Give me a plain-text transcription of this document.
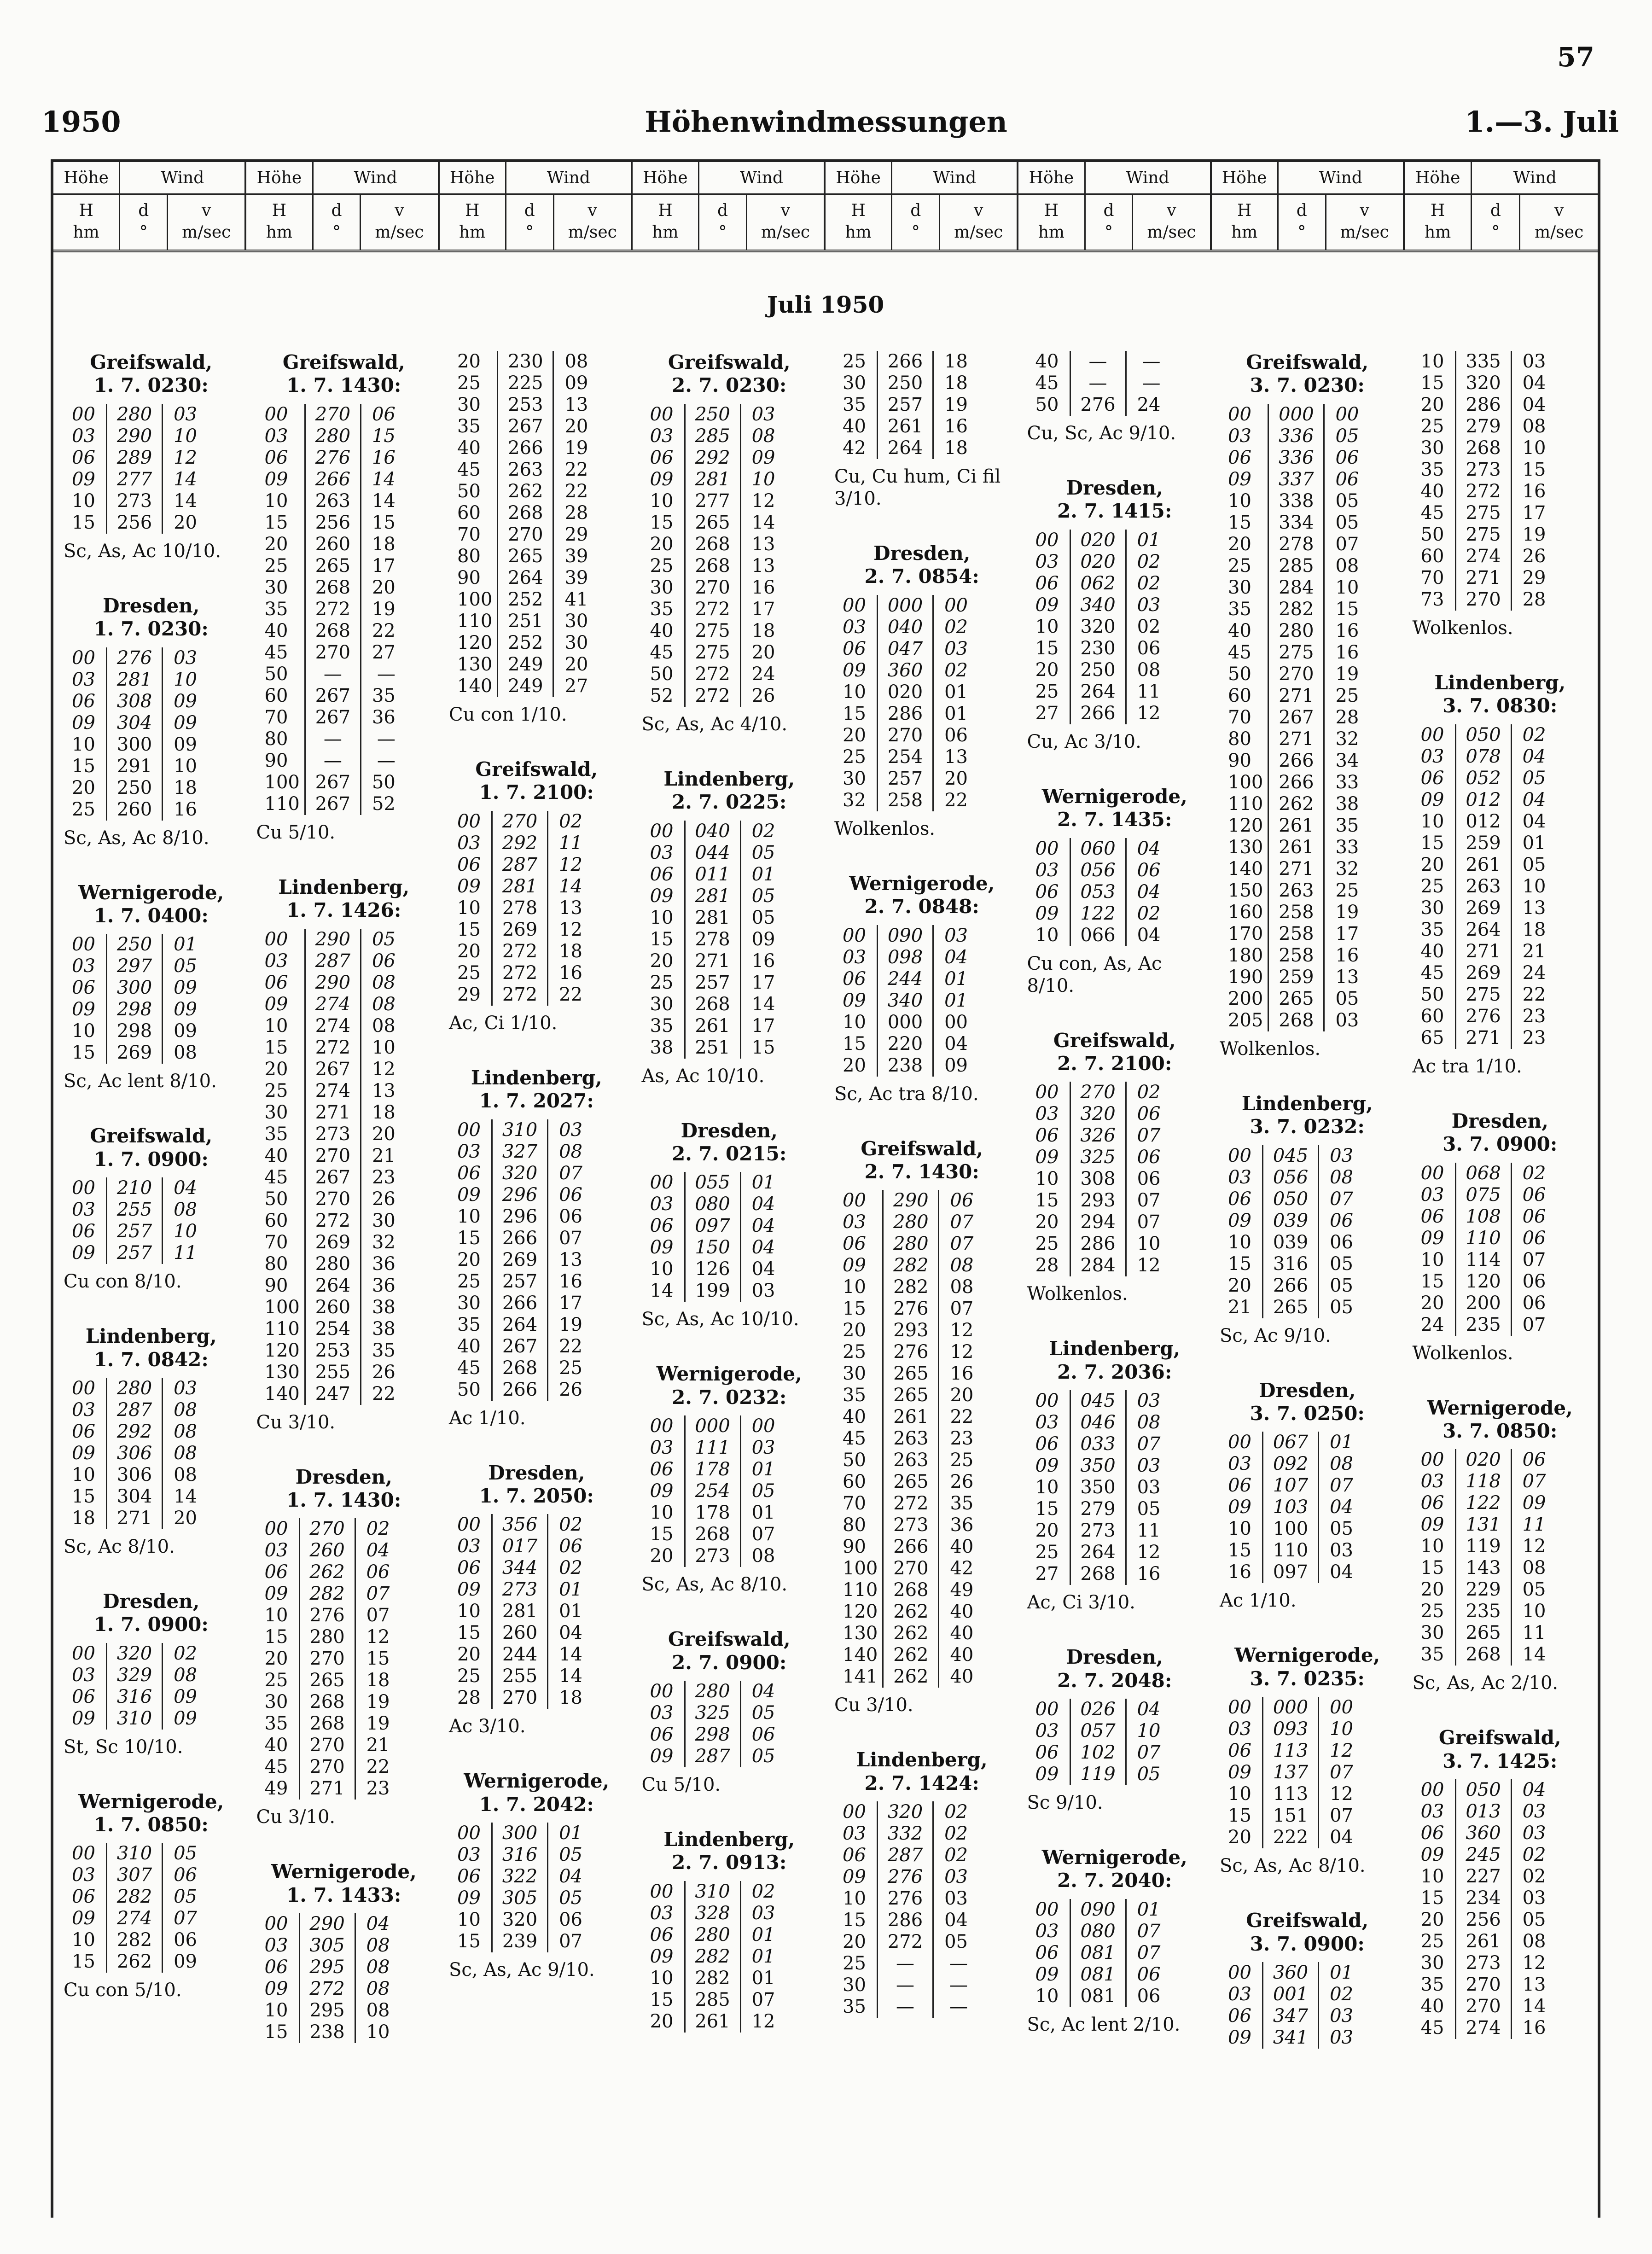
57
1950	Höhenwindmessungen	1.—3. Juli
Höhe	Wind
H
hm
d
°
v
m/sec
Höhe	Wind
H
hm
d
°
v
m/sec
Höhe	Wind
H
hm
d
°
v
m/sec
Höhe	Wind
H
hm
d
°
v
m/sec
Höhe	Wind
H
hm
d
°
v
m/sec
Höhe	Wind
H
hm
d
°
v
m/sec
Höhe	Wind
H
hm
d
°
v
m/sec
Höhe	Wind
H
hm
d
°
v
m/sec
Juli 1950
Greifswald,
1. 7. 0230:
00	280	03
03	290	10
06	289	12
09	277	14
10	273	14
15	256	20
Sc, As, Ac 10/10.
Dresden,
1. 7. 0230:
00	276	03
03	281	10
06	308	09
09	304	09
10	300	09
15	291	10
20	250	18
25	260	16
Sc, As, Ac 8/10.
Wernigerode,
1. 7. 0400:
00	250	01
03	297	05
06	300	09
09	298	09
10	298	09
15	269	08
Sc, Ac lent 8/10.
Greifswald,
1. 7. 0900:
00	210	04
03	255	08
06	257	10
09	257	11
Cu con 8/10.
Lindenberg,
1. 7. 0842:
00	280	03
03	287	08
06	292	08
09	306	08
10	306	08
15	304	14
18	271	20
Sc, Ac 8/10.
Dresden,
1. 7. 0900:
00	320	02
03	329	08
06	316	09
09	310	09
St, Sc 10/10.
Wernigerode,
1. 7. 0850:
00	310	05
03	307	06
06	282	05
09	274	07
10	282	06
15	262	09
Cu con 5/10.
Greifswald,
1. 7. 1430:
00	270	06
03	280	15
06	276	16
09	266	14
10	263	14
15	256	15
20	260	18
25	265	17
30	268	20
35	272	19
40	268	22
45	270	27
50	—	—
60	267	35
70	267	36
80	—	—
90	—	—
100	267	50
110	267	52
Cu 5/10.
Lindenberg,
1. 7. 1426:
00	290	05
03	287	06
06	290	08
09	274	08
10	274	08
15	272	10
20	267	12
25	274	13
30	271	18
35	273	20
40	270	21
45	267	23
50	270	26
60	272	30
70	269	32
80	280	36
90	264	36
100	260	38
110	254	38
120	253	35
130	255	26
140	247	22
Cu 3/10.
Dresden,
1. 7. 1430:
00	270	02
03	260	04
06	262	06
09	282	07
10	276	07
15	280	12
20	270	15
25	265	18
30	268	19
35	268	19
40	270	21
45	270	22
49	271	23
Cu 3/10.
Wernigerode,
1. 7. 1433:
00	290	04
03	305	08
06	295	08
09	272	08
10	295	08
15	238	10
20	230	08
25	225	09
30	253	13
35	267	20
40	266	19
45	263	22
50	262	22
60	268	28
70	270	29
80	265	39
90	264	39
100	252	41
110	251	30
120	252	30
130	249	20
140	249	27
Cu con 1/10.
Greifswald,
1. 7. 2100:
00	270	02
03	292	11
06	287	12
09	281	14
10	278	13
15	269	12
20	272	18
25	272	16
29	272	22
Ac, Ci 1/10.
Lindenberg,
1. 7. 2027:
00	310	03
03	327	08
06	320	07
09	296	06
10	296	06
15	266	07
20	269	13
25	257	16
30	266	17
35	264	19
40	267	22
45	268	25
50	266	26
Ac 1/10.
Dresden,
1. 7. 2050:
00	356	02
03	017	06
06	344	02
09	273	01
10	281	01
15	260	04
20	244	14
25	255	14
28	270	18
Ac 3/10.
Wernigerode,
1. 7. 2042:
00	300	01
03	316	05
06	322	04
09	305	05
10	320	06
15	239	07
Sc, As, Ac 9/10.
Greifswald,
2. 7. 0230:
00	250	03
03	285	08
06	292	09
09	281	10
10	277	12
15	265	14
20	268	13
25	268	13
30	270	16
35	272	17
40	275	18
45	275	20
50	272	24
52	272	26
Sc, As, Ac 4/10.
Lindenberg,
2. 7. 0225:
00	040	02
03	044	05
06	011	01
09	281	05
10	281	05
15	278	09
20	271	16
25	257	17
30	268	14
35	261	17
38	251	15
As, Ac 10/10.
Dresden,
2. 7. 0215:
00	055	01
03	080	04
06	097	04
09	150	04
10	126	04
14	199	03
Sc, As, Ac 10/10.
Wernigerode,
2. 7. 0232:
00	000	00
03	111	03
06	178	01
09	254	05
10	178	01
15	268	07
20	273	08
Sc, As, Ac 8/10.
Greifswald,
2. 7. 0900:
00	280	04
03	325	05
06	298	06
09	287	05
Cu 5/10.
Lindenberg,
2. 7. 0913:
00	310	02
03	328	03
06	280	01
09	282	01
10	282	01
15	285	07
20	261	12
25	266	18
30	250	18
35	257	19
40	261	16
42	264	18
Cu, Cu hum, Ci fil 3/10.
Dresden,
2. 7. 0854:
00	000	00
03	040	02
06	047	03
09	360	02
10	020	01
15	286	01
20	270	06
25	254	13
30	257	20
32	258	22
Wolkenlos.
Wernigerode,
2. 7. 0848:
00	090	03
03	098	04
06	244	01
09	340	01
10	000	00
15	220	04
20	238	09
Sc, Ac tra 8/10.
Greifswald,
2. 7. 1430:
00	290	06
03	280	07
06	280	07
09	282	08
10	282	08
15	276	07
20	293	12
25	276	12
30	265	16
35	265	20
40	261	22
45	263	23
50	263	25
60	265	26
70	272	35
80	273	36
90	266	40
100	270	42
110	268	49
120	262	40
130	262	40
140	262	40
141	262	40
Cu 3/10.
Lindenberg,
2. 7. 1424:
00	320	02
03	332	02
06	287	02
09	276	03
10	276	03
15	286	04
20	272	05
25	—	—
30	—	—
35	—	—
40	—	—
45	—	—
50	276	24
Cu, Sc, Ac 9/10.
Dresden,
2. 7. 1415:
00	020	01
03	020	02
06	062	02
09	340	03
10	320	02
15	230	06
20	250	08
25	264	11
27	266	12
Cu, Ac 3/10.
Wernigerode,
2. 7. 1435:
00	060	04
03	056	06
06	053	04
09	122	02
10	066	04
Cu con, As, Ac 8/10.
Greifswald,
2. 7. 2100:
00	270	02
03	320	06
06	326	07
09	325	06
10	308	06
15	293	07
20	294	07
25	286	10
28	284	12
Wolkenlos.
Lindenberg,
2. 7. 2036:
00	045	03
03	046	08
06	033	07
09	350	03
10	350	03
15	279	05
20	273	11
25	264	12
27	268	16
Ac, Ci 3/10.
Dresden,
2. 7. 2048:
00	026	04
03	057	10
06	102	07
09	119	05
Sc 9/10.
Wernigerode,
2. 7. 2040:
00	090	01
03	080	07
06	081	07
09	081	06
10	081	06
Sc, Ac lent 2/10.
Greifswald,
3. 7. 0230:
00	000	00
03	336	05
06	336	06
09	337	06
10	338	05
15	334	05
20	278	07
25	285	08
30	284	10
35	282	15
40	280	16
45	275	16
50	270	19
60	271	25
70	267	28
80	271	32
90	266	34
100	266	33
110	262	38
120	261	35
130	261	33
140	271	32
150	263	25
160	258	19
170	258	17
180	258	16
190	259	13
200	265	05
205	268	03
Wolkenlos.
Lindenberg,
3. 7. 0232:
00	045	03
03	056	08
06	050	07
09	039	06
10	039	06
15	316	05
20	266	05
21	265	05
Sc, Ac 9/10.
Dresden,
3. 7. 0250:
00	067	01
03	092	08
06	107	07
09	103	04
10	100	05
15	110	03
16	097	04
Ac 1/10.
Wernigerode,
3. 7. 0235:
00	000	00
03	093	10
06	113	12
09	137	07
10	113	12
15	151	07
20	222	04
Sc, As, Ac 8/10.
Greifswald,
3. 7. 0900:
00	360	01
03	001	02
06	347	03
09	341	03
10	335	03
15	320	04
20	286	04
25	279	08
30	268	10
35	273	15
40	272	16
45	275	17
50	275	19
60	274	26
70	271	29
73	270	28
Wolkenlos.
Lindenberg,
3. 7. 0830:
00	050	02
03	078	04
06	052	05
09	012	04
10	012	04
15	259	01
20	261	05
25	263	10
30	269	13
35	264	18
40	271	21
45	269	24
50	275	22
60	276	23
65	271	23
Ac tra 1/10.
Dresden,
3. 7. 0900:
00	068	02
03	075	06
06	108	06
09	110	06
10	114	07
15	120	06
20	200	06
24	235	07
Wolkenlos.
Wernigerode,
3. 7. 0850:
00	020	06
03	118	07
06	122	09
09	131	11
10	119	12
15	143	08
20	229	05
25	235	10
30	265	11
35	268	14
Sc, As, Ac 2/10.
Greifswald,
3. 7. 1425:
00	050	04
03	013	03
06	360	03
09	245	02
10	227	02
15	234	03
20	256	05
25	261	08
30	273	12
35	270	13
40	270	14
45	274	16
